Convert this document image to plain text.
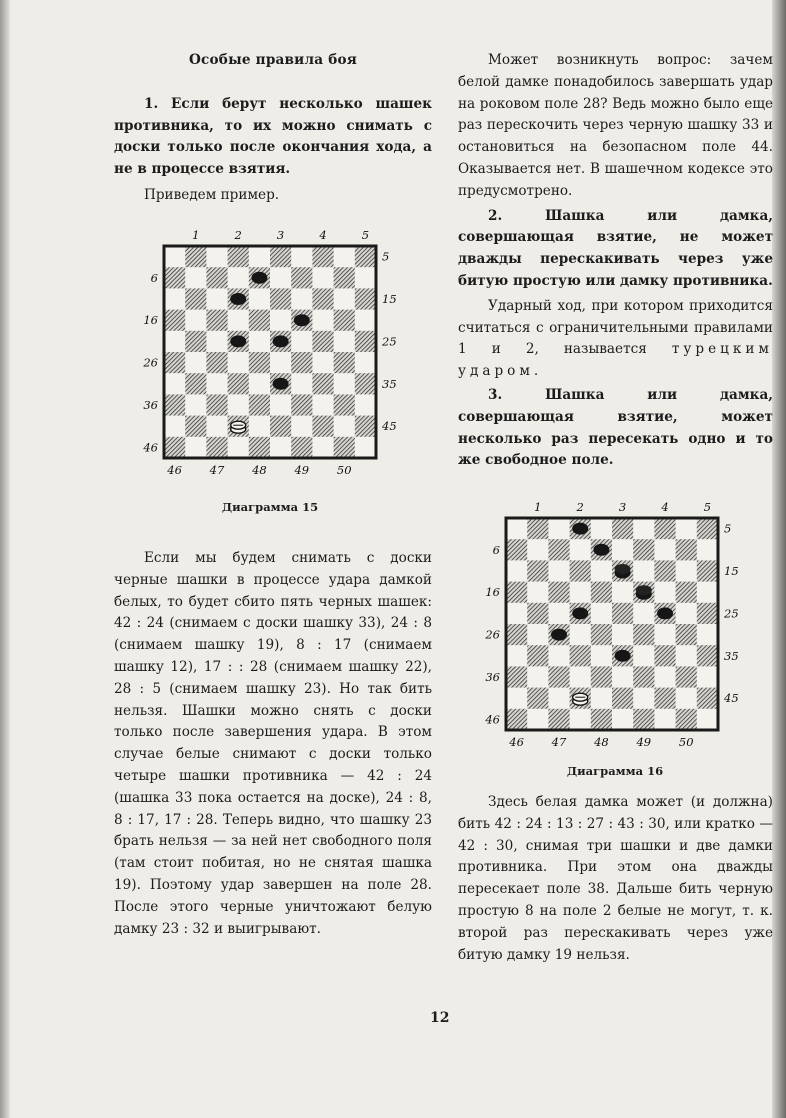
Особые правила боя

1. Если берут несколько шашек противника, то их можно снимать с доски только после окончания хода, а не в процессе взятия.

Приведем пример.

1	2	3	4	5
46 47 48 49 50
6
16
26
36
46
5
15
25
35
45
Диаграмма 15

Если мы будем снимать с доски черные шашки в процессе удара дамкой белых, то будет сбито пять черных шашек: 42 : 24 (снимаем с доски шашку 33), 24 : 8 (снимаем шашку 19), 8 : 17 (снимаем шашку 12), 17 : : 28 (снимаем шашку 22), 28 : 5 (снимаем шашку 23). Но так бить нельзя. Шашки можно снять с доски только после завершения удара. В этом случае белые снимают с доски только четыре шашки противника — 42 : 24 (шашка 33 пока остается на доске), 24 : 8, 8 : 17, 17 : 28. Теперь видно, что шашку 23 брать нельзя — за ней нет свободного поля (там стоит побитая, но не снятая шашка 19). Поэтому удар завершен на поле 28. После этого черные уничтожают белую дамку 23 : 32 и выигрывают.

Может возникнуть вопрос: зачем белой дамке понадобилось завершать удар на роковом поле 28? Ведь можно было еще раз перескочить через черную шашку 33 и остановиться на безопасном поле 44. Оказывается нет. В шашечном кодексе это предусмотрено.

2. Шашка или дамка, совершающая взятие, не может дважды перескакивать через уже битую простую или дамку противника.

Ударный ход, при котором приходится считаться с ограничительными правилами 1 и 2, называется турецким ударом.

3. Шашка или дамка, совершающая взятие, может несколько раз пересекать одно и то же свободное поле.

1	2	3	4	5
46 47 48 49 50
6
16
26
36
46
5
15
25
35
45
Диаграмма 16

Здесь белая дамка может (и должна) бить 42 : 24 : 13 : 27 : 43 : 30, или кратко — 42 : 30, снимая три шашки и две дамки противника. При этом она дважды пересекает поле 38. Дальше бить черную простую 8 на поле 2 белые не могут, т. к. второй раз перескакивать через уже битую дамку 19 нельзя.

12
